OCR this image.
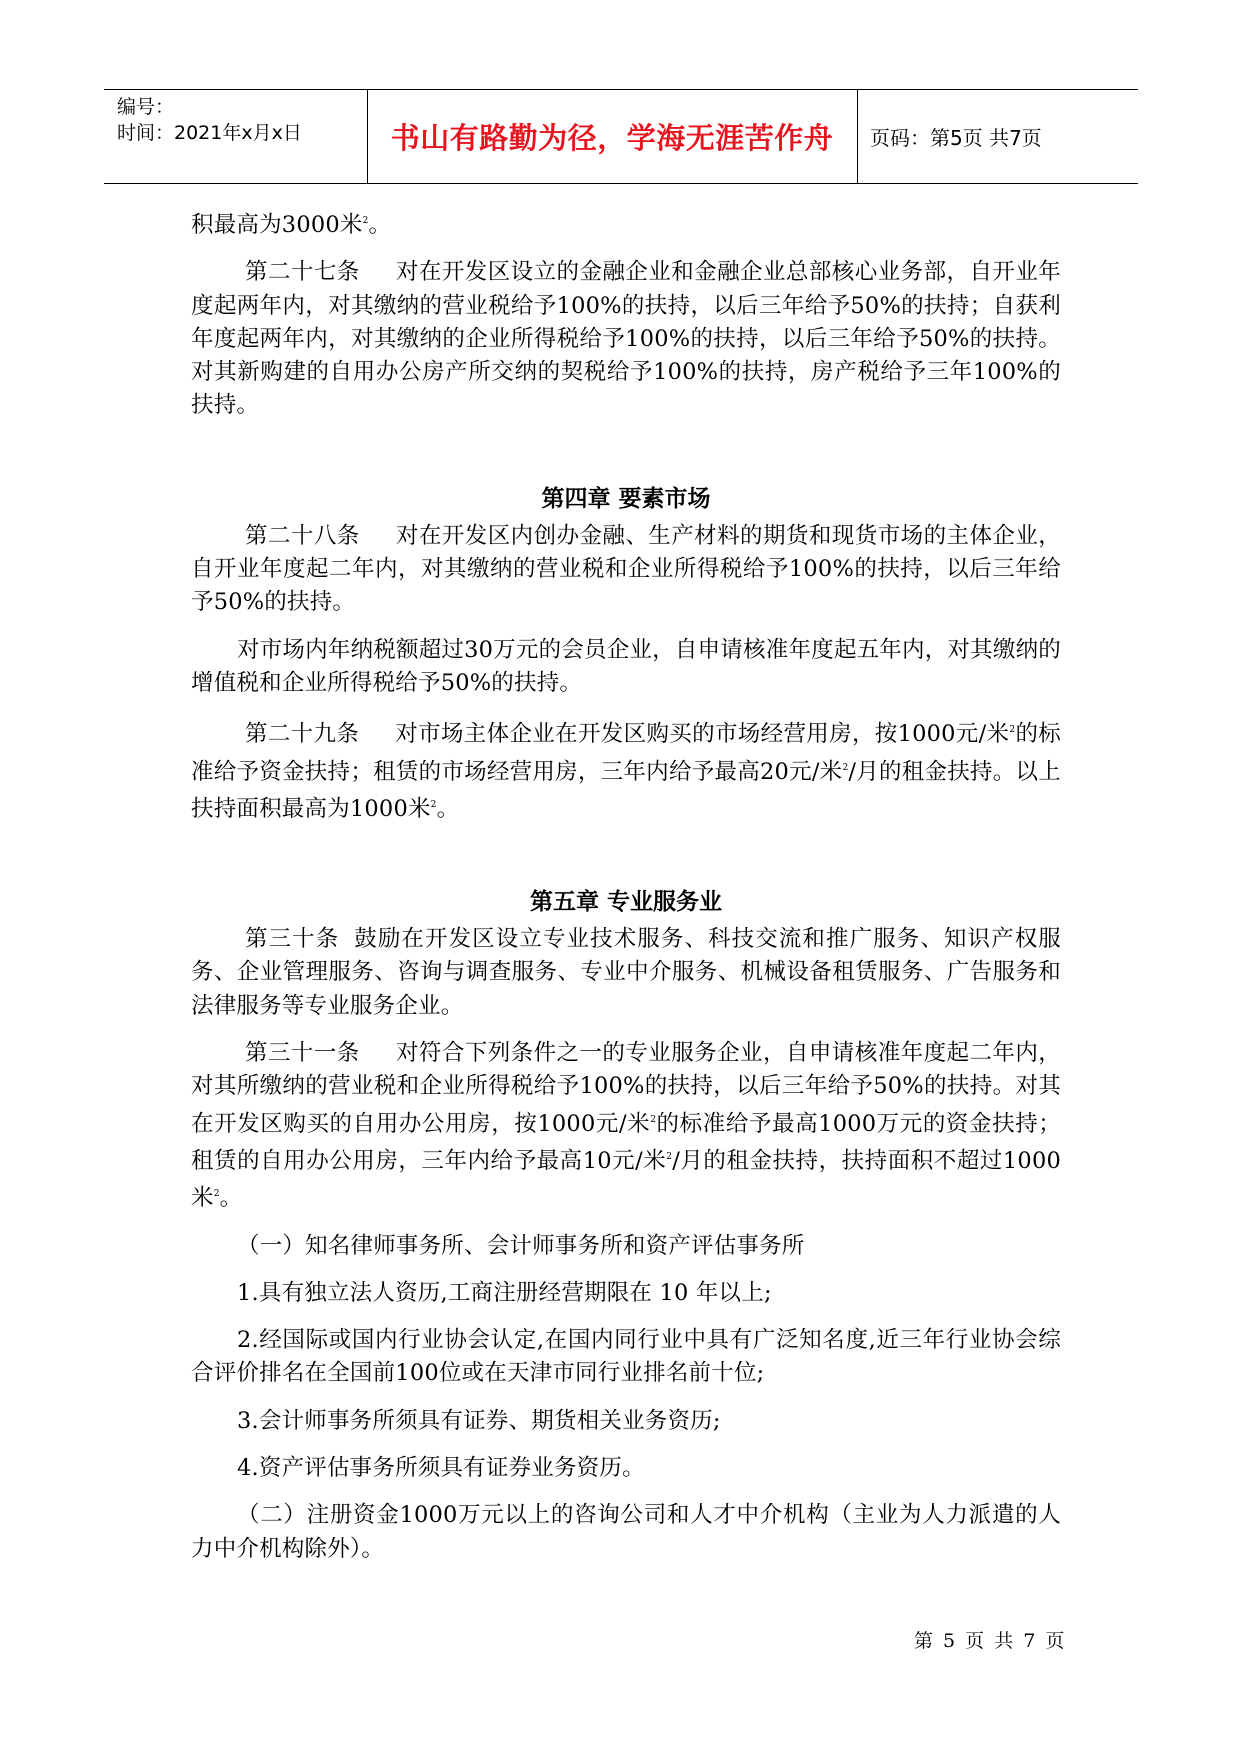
编号：
时间：2021年x月x日	书山有路勤为径，学海无涯苦作舟	页码：第5页 共7页

积最高为3000米$^2$。

第二十七条 对在开发区设立的金融企业和金融企业总部核心业务部，自开业年度起两年内，对其缴纳的营业税给予100%的扶持，以后三年给予50%的扶持；自获利年度起两年内，对其缴纳的企业所得税给予100%的扶持，以后三年给予50%的扶持。对其新购建的自用办公房产所交纳的契税给予100%的扶持，房产税给予三年100%的扶持。

第四章 要素市场

第二十八条 对在开发区内创办金融、生产材料的期货和现货市场的主体企业，自开业年度起二年内，对其缴纳的营业税和企业所得税给予100%的扶持，以后三年给予50%的扶持。

对市场内年纳税额超过30万元的会员企业，自申请核准年度起五年内，对其缴纳的增值税和企业所得税给予50%的扶持。

第二十九条 对市场主体企业在开发区购买的市场经营用房，按1000元/米$^2$的标准给予资金扶持；租赁的市场经营用房，三年内给予最高20元/米$^2$/月的租金扶持。以上扶持面积最高为1000米$^2$。

第五章 专业服务业

第三十条 鼓励在开发区设立专业技术服务、科技交流和推广服务、知识产权服务、企业管理服务、咨询与调查服务、专业中介服务、机械设备租赁服务、广告服务和法律服务等专业服务企业。

第三十一条 对符合下列条件之一的专业服务企业，自申请核准年度起二年内，对其所缴纳的营业税和企业所得税给予100%的扶持，以后三年给予50%的扶持。对其在开发区购买的自用办公用房，按1000元/米$^2$的标准给予最高1000万元的资金扶持；租赁的自用办公用房，三年内给予最高10元/米$^2$/月的租金扶持，扶持面积不超过1000米$^2$。

（一）知名律师事务所、会计师事务所和资产评估事务所

1.具有独立法人资历,工商注册经营期限在 10 年以上;

2.经国际或国内行业协会认定,在国内同行业中具有广泛知名度,近三年行业协会综合评价排名在全国前100位或在天津市同行业排名前十位;

3.会计师事务所须具有证券、期货相关业务资历;

4.资产评估事务所须具有证券业务资历。

（二）注册资金1000万元以上的咨询公司和人才中介机构（主业为人力派遣的人力中介机构除外）。

第 5 页 共 7 页
